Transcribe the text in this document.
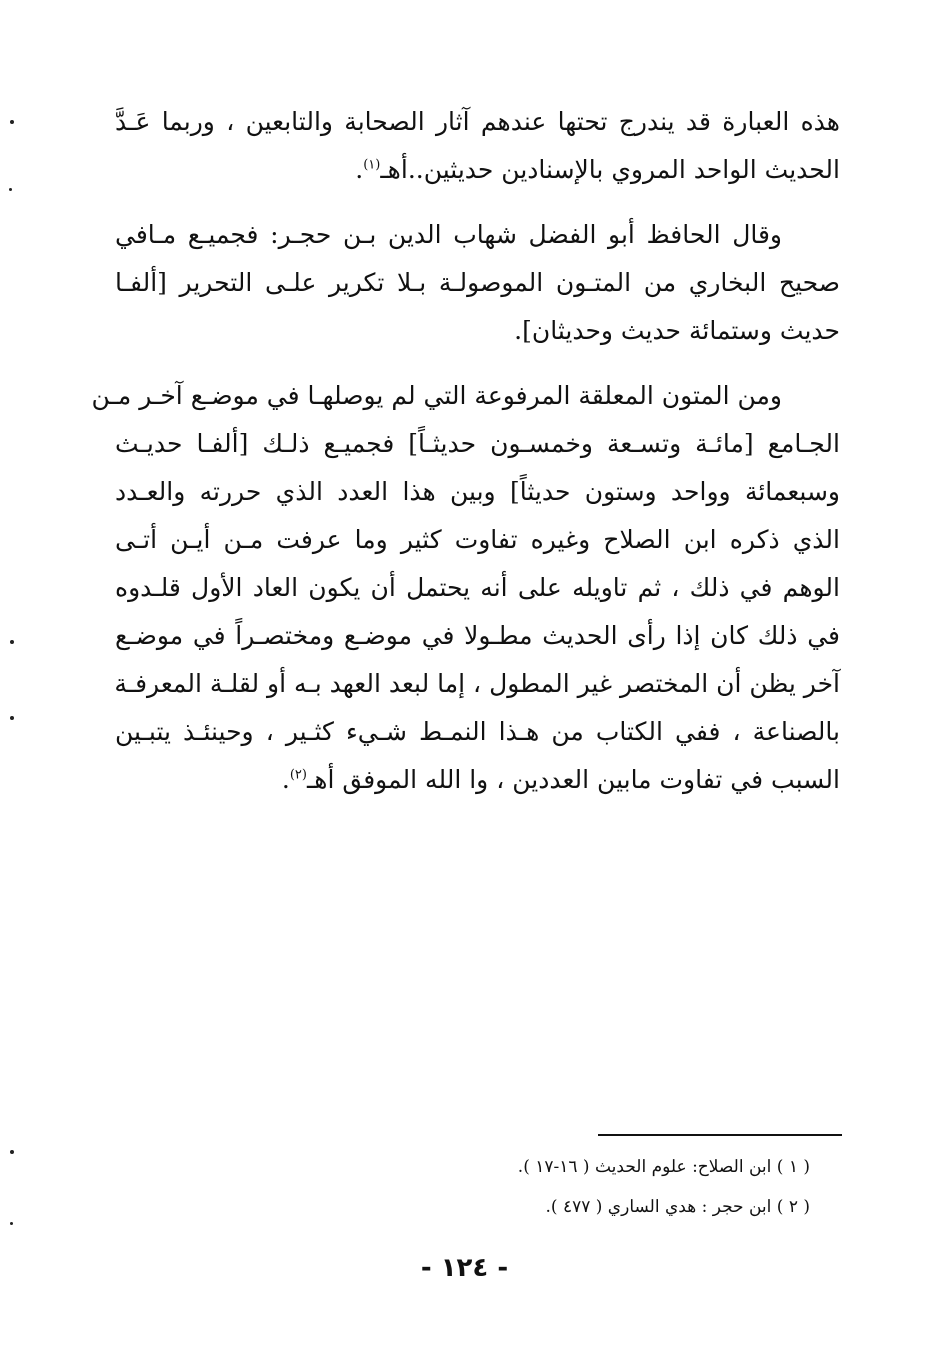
هذه العبارة قد يندرج تحتها عندهم آثار الصحابة والتابعين ، وربما عَـدَّ
الحديث الواحد المروي بالإسنادين حديثين..أهـ$^{(١)}$.

وقال الحافظ أبو الفضل شهاب الدين بـن حجـر: فجميـع مـافي
صحيح البخاري من المتـون الموصولـة بـلا تكرير علـى التحرير [ألفـا
حديث وستمائة حديث وحديثان].

ومن المتون المعلقة المرفوعة التي لم يوصلهـا في موضـع آخـر مـن
الجـامع [مائـة وتسـعة وخمسـون حديثـاً] فجميـع ذلـك [ألفـا حديـث
وسبعمائة وواحد وستون حديثاً] وبين هذا العدد الذي حررته والعـدد
الذي ذكره ابن الصلاح وغيره تفاوت كثير وما عرفت مـن أيـن أتـى
الوهم في ذلك ، ثم تاويله على أنه يحتمل أن يكون العاد الأول قلـدوه
في ذلك كان إذا رأى الحديث مطـولا في موضـع ومختصـراً في موضـع
آخر يظن أن المختصر غير المطول ، إما لبعد العهد بـه أو لقلـة المعرفـة
بالصناعة ، ففي الكتاب من هـذا النمـط شـيء كثـير ، وحينئـذ يتبـين
السبب في تفاوت مابين العددين ، وا الله الموفق أهـ$^{(٢)}$.

( ١ ) ابن الصلاح: علوم الحديث ( ١٦-١٧ ).
( ٢ ) ابن حجر : هدي الساري ( ٤٧٧ ).
- ١٢٤ -
